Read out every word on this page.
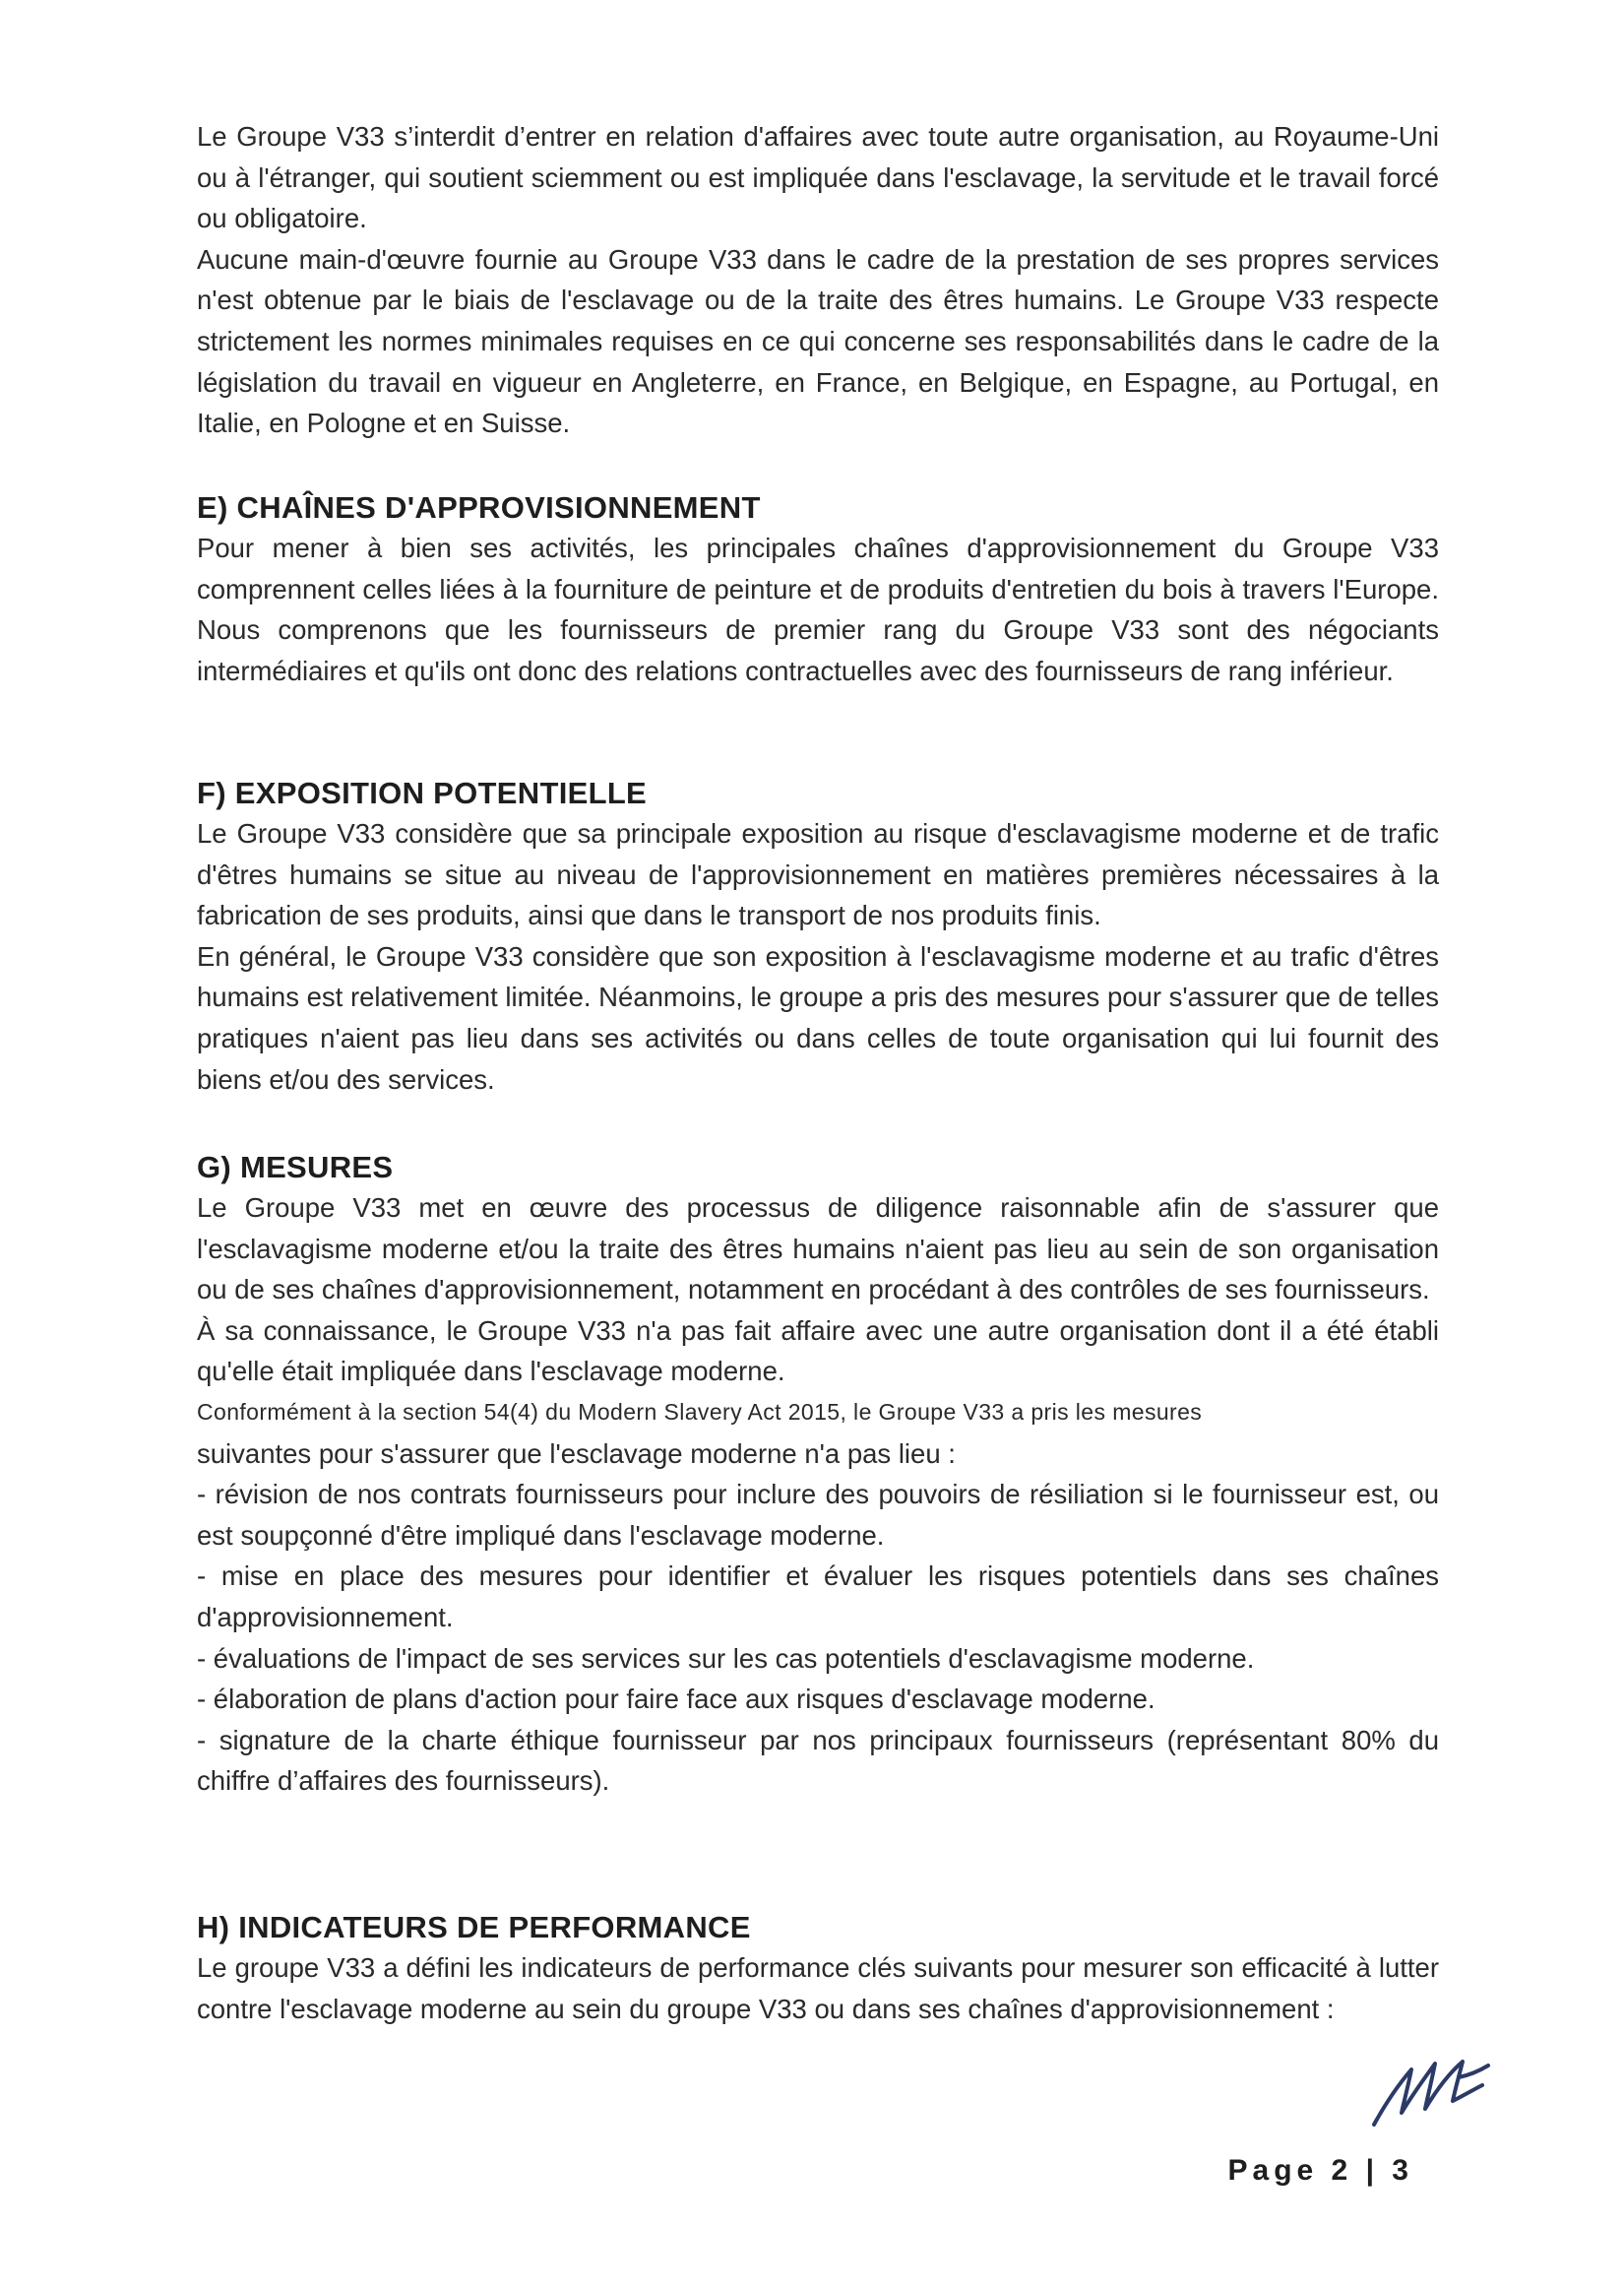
Le Groupe V33 s’interdit d’entrer en relation d'affaires avec toute autre organisation, au Royaume-Uni ou à l'étranger, qui soutient sciemment ou est impliquée dans l'esclavage, la servitude et le travail forcé ou obligatoire.

Aucune main-d'œuvre fournie au Groupe V33 dans le cadre de la prestation de ses propres services n'est obtenue par le biais de l'esclavage ou de la traite des êtres humains. Le Groupe V33 respecte strictement les normes minimales requises en ce qui concerne ses responsabilités dans le cadre de la législation du travail en vigueur en Angleterre, en France, en Belgique, en Espagne, au Portugal, en Italie, en Pologne et en Suisse.

E) CHAÎNES D'APPROVISIONNEMENT

Pour mener à bien ses activités, les principales chaînes d'approvisionnement du Groupe V33 comprennent celles liées à la fourniture de peinture et de produits d'entretien du bois à travers l'Europe. Nous comprenons que les fournisseurs de premier rang du Groupe V33 sont des négociants intermédiaires et qu'ils ont donc des relations contractuelles avec des fournisseurs de rang inférieur.

F) EXPOSITION POTENTIELLE

Le Groupe V33 considère que sa principale exposition au risque d'esclavagisme moderne et de trafic d'êtres humains se situe au niveau de l'approvisionnement en matières premières nécessaires à la fabrication de ses produits, ainsi que dans le transport de nos produits finis.

En général, le Groupe V33 considère que son exposition à l'esclavagisme moderne et au trafic d'êtres humains est relativement limitée. Néanmoins, le groupe a pris des mesures pour s'assurer que de telles pratiques n'aient pas lieu dans ses activités ou dans celles de toute organisation qui lui fournit des biens et/ou des services.

G) MESURES

Le Groupe V33 met en œuvre des processus de diligence raisonnable afin de s'assurer que l'esclavagisme moderne et/ou la traite des êtres humains n'aient pas lieu au sein de son organisation ou de ses chaînes d'approvisionnement, notamment en procédant à des contrôles de ses fournisseurs.

À sa connaissance, le Groupe V33 n'a pas fait affaire avec une autre organisation dont il a été établi qu'elle était impliquée dans l'esclavage moderne.

Conformément à la section 54(4) du Modern Slavery Act 2015, le Groupe V33 a pris les mesures

suivantes pour s'assurer que l'esclavage moderne n'a pas lieu :

- révision de nos contrats fournisseurs pour inclure des pouvoirs de résiliation si le fournisseur est, ou est soupçonné d'être impliqué dans l'esclavage moderne.

- mise en place des mesures pour identifier et évaluer les risques potentiels dans ses chaînes d'approvisionnement.

- évaluations de l'impact de ses services sur les cas potentiels d'esclavagisme moderne.

- élaboration de plans d'action pour faire face aux risques d'esclavage moderne.

- signature de la charte éthique fournisseur par nos principaux fournisseurs (représentant 80% du chiffre d’affaires des fournisseurs).

H) INDICATEURS DE PERFORMANCE

Le groupe V33 a défini les indicateurs de performance clés suivants pour mesurer son efficacité à lutter contre l'esclavage moderne au sein du groupe V33 ou dans ses chaînes d'approvisionnement :

Page 2 | 3
